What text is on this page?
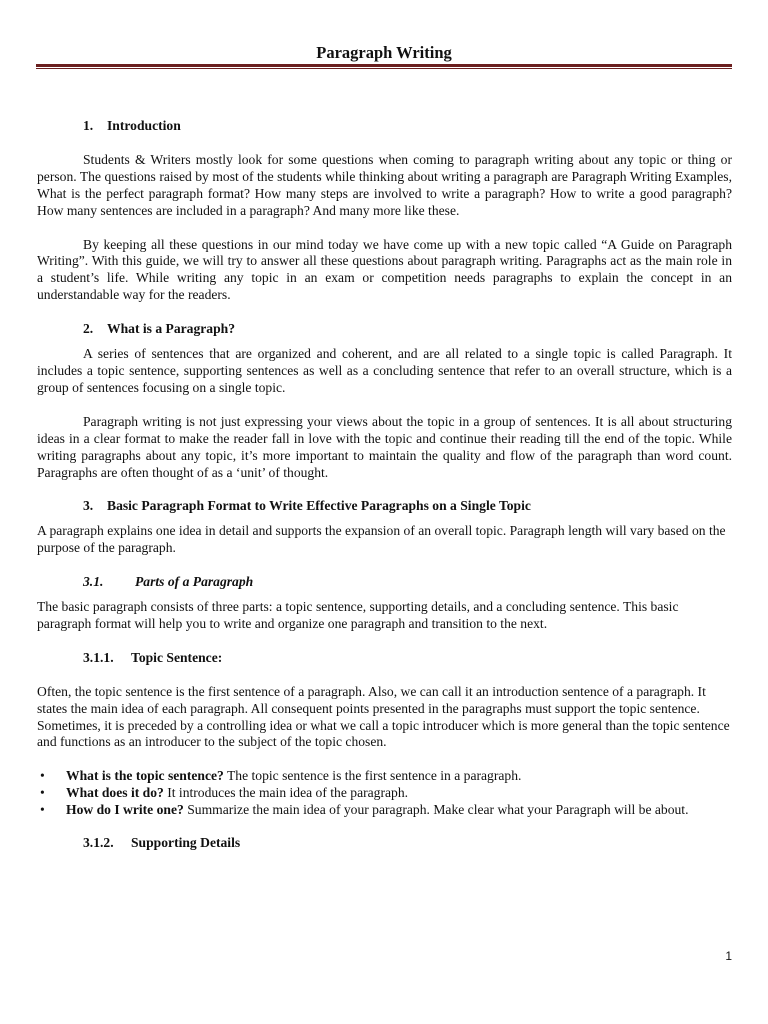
Paragraph Writing
1. Introduction

Students & Writers mostly look for some questions when coming to paragraph writing about any topic or thing or person. The questions raised by most of the students while thinking about writing a paragraph are Paragraph Writing Examples, What is the perfect paragraph format? How many steps are involved to write a paragraph? How to write a good paragraph? How many sentences are included in a paragraph? And many more like these.

By keeping all these questions in our mind today we have come up with a new topic called “A Guide on Paragraph Writing”. With this guide, we will try to answer all these questions about paragraph writing. Paragraphs act as the main role in a student’s life. While writing any topic in an exam or competition needs paragraphs to explain the concept in an understandable way for the readers.

2. What is a Paragraph?

A series of sentences that are organized and coherent, and are all related to a single topic is called Paragraph. It includes a topic sentence, supporting sentences as well as a concluding sentence that refer to an overall structure, which is a group of sentences focusing on a single topic.

Paragraph writing is not just expressing your views about the topic in a group of sentences. It is all about structuring ideas in a clear format to make the reader fall in love with the topic and continue their reading till the end of the topic. While writing paragraphs about any topic, it’s more important to maintain the quality and flow of the paragraph than word count. Paragraphs are often thought of as a ‘unit’ of thought.

3. Basic Paragraph Format to Write Effective Paragraphs on a Single Topic

A paragraph explains one idea in detail and supports the expansion of an overall topic. Paragraph length will vary based on the purpose of the paragraph.

3.1. Parts of a Paragraph

The basic paragraph consists of three parts: a topic sentence, supporting details, and a concluding sentence. This basic paragraph format will help you to write and organize one paragraph and transition to the next.

3.1.1. Topic Sentence:

Often, the topic sentence is the first sentence of a paragraph. Also, we can call it an introduction sentence of a paragraph. It states the main idea of each paragraph. All consequent points presented in the paragraphs must support the topic sentence. Sometimes, it is preceded by a controlling idea or what we call a topic introducer which is more general than the topic sentence and functions as an introducer to the subject of the topic chosen.

• What is the topic sentence? The topic sentence is the first sentence in a paragraph.
• What does it do? It introduces the main idea of the paragraph.
• How do I write one? Summarize the main idea of your paragraph. Make clear what your Paragraph will be about.
3.1.2. Supporting Details
1
